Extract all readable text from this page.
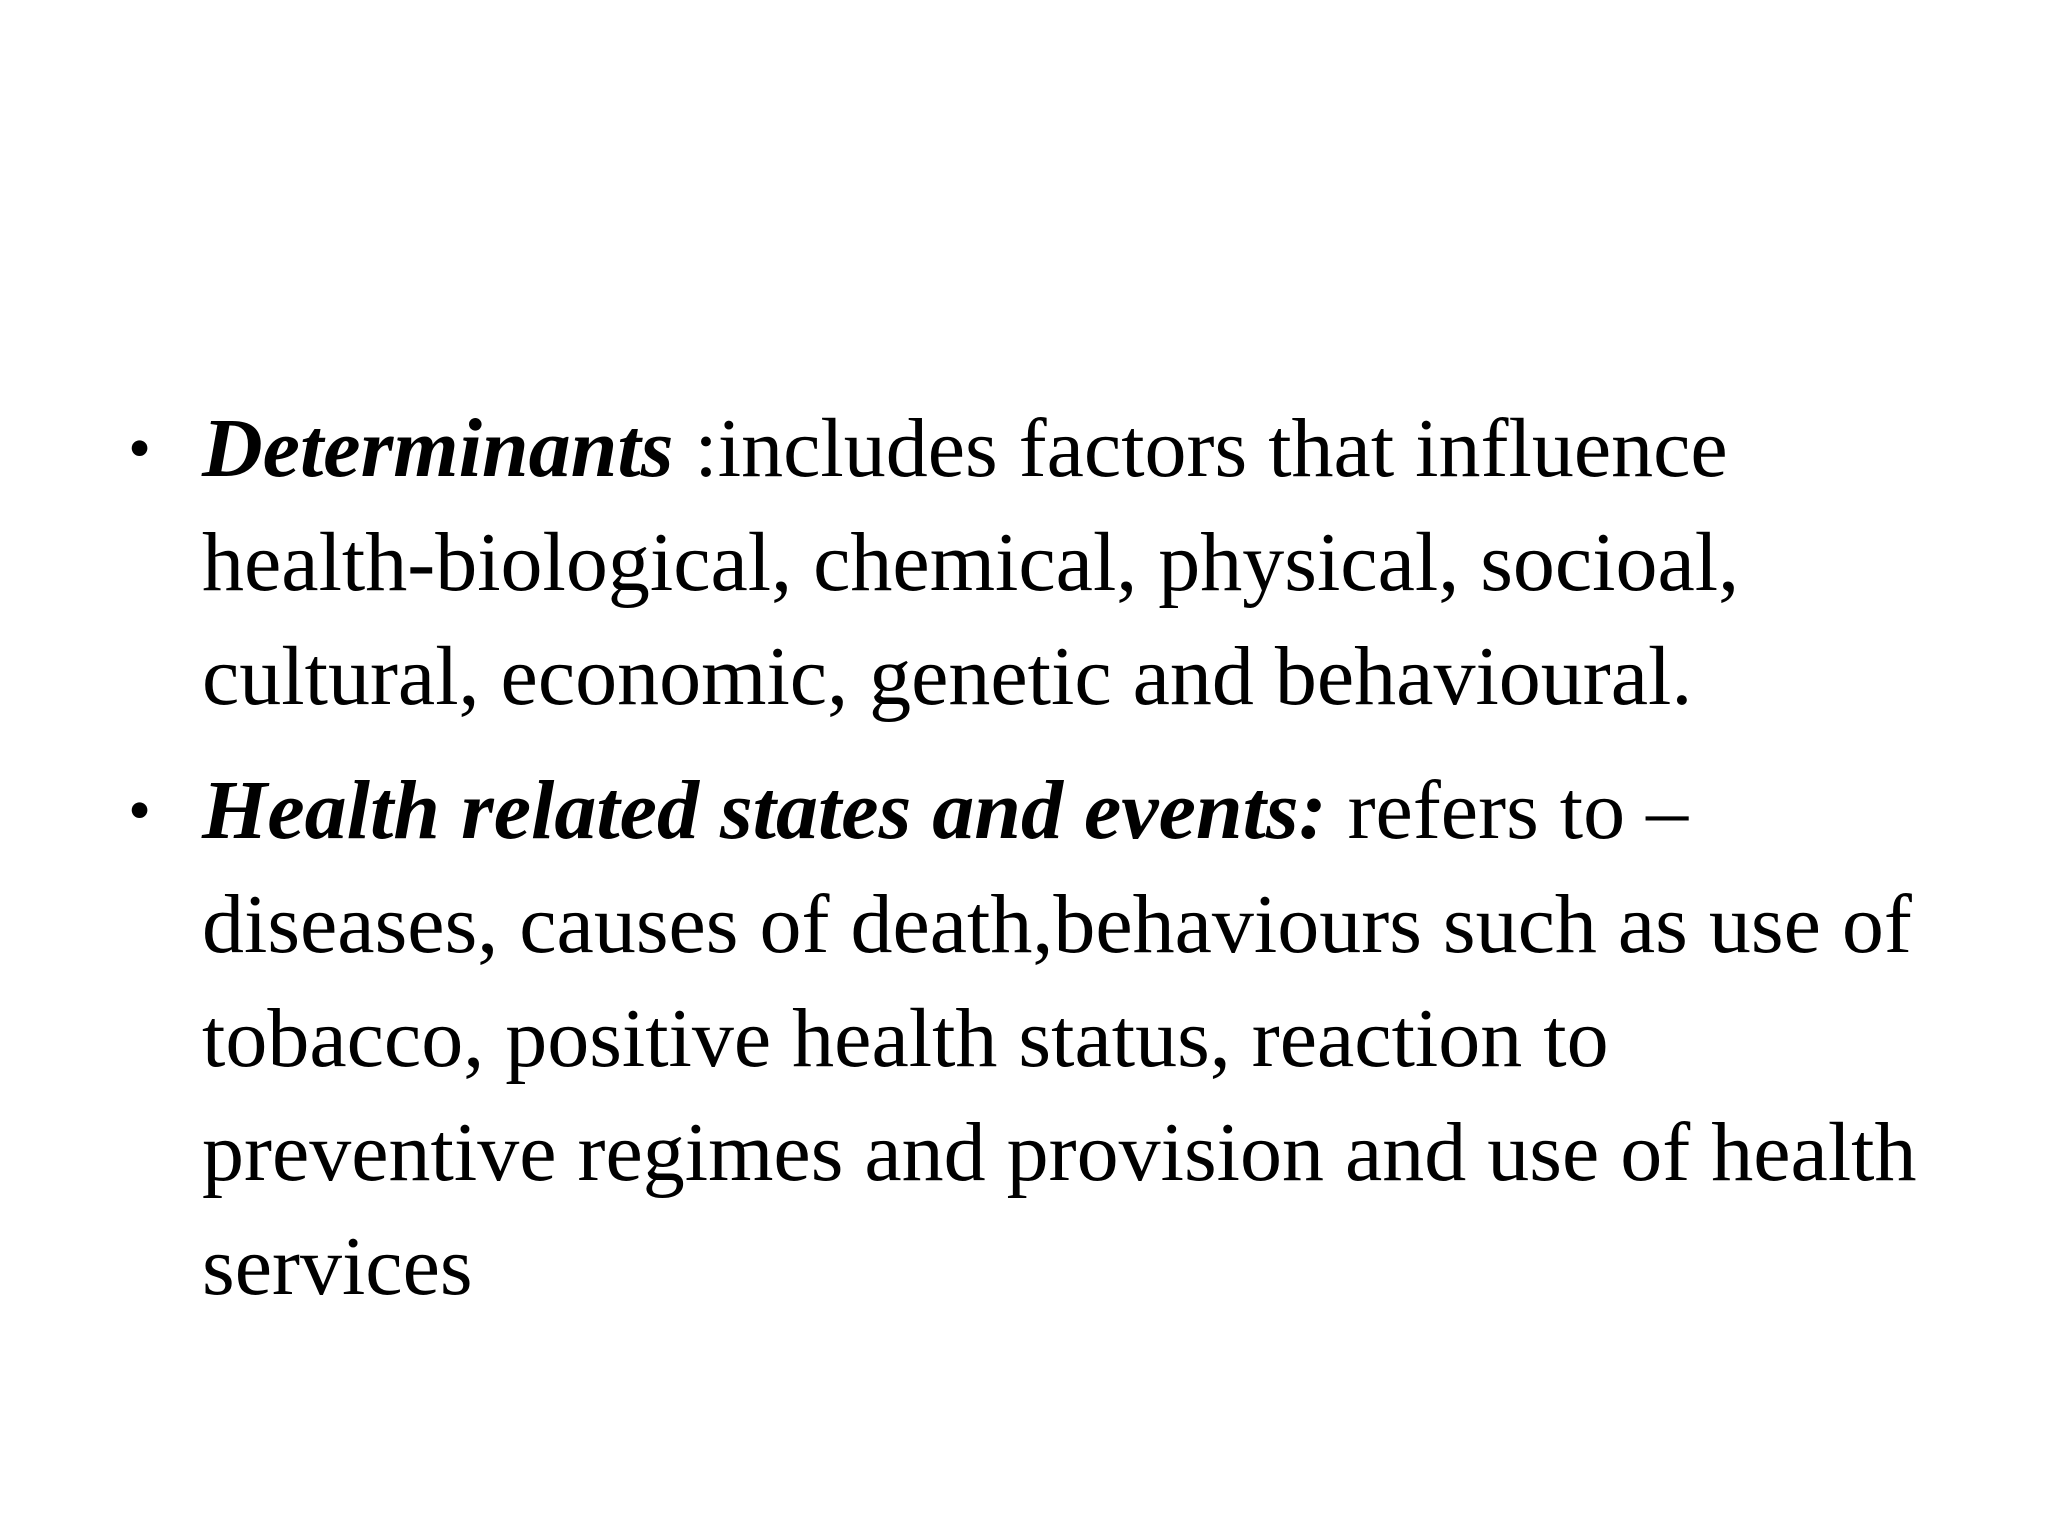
• Determinants :includes factors that influence health-biological, chemical, physical, socioal, cultural, economic, genetic and behavioural.
• Health related states and events: refers to – diseases, causes of death,behaviours such as use of tobacco, positive health status, reaction to preventive regimes and provision and use of health services
